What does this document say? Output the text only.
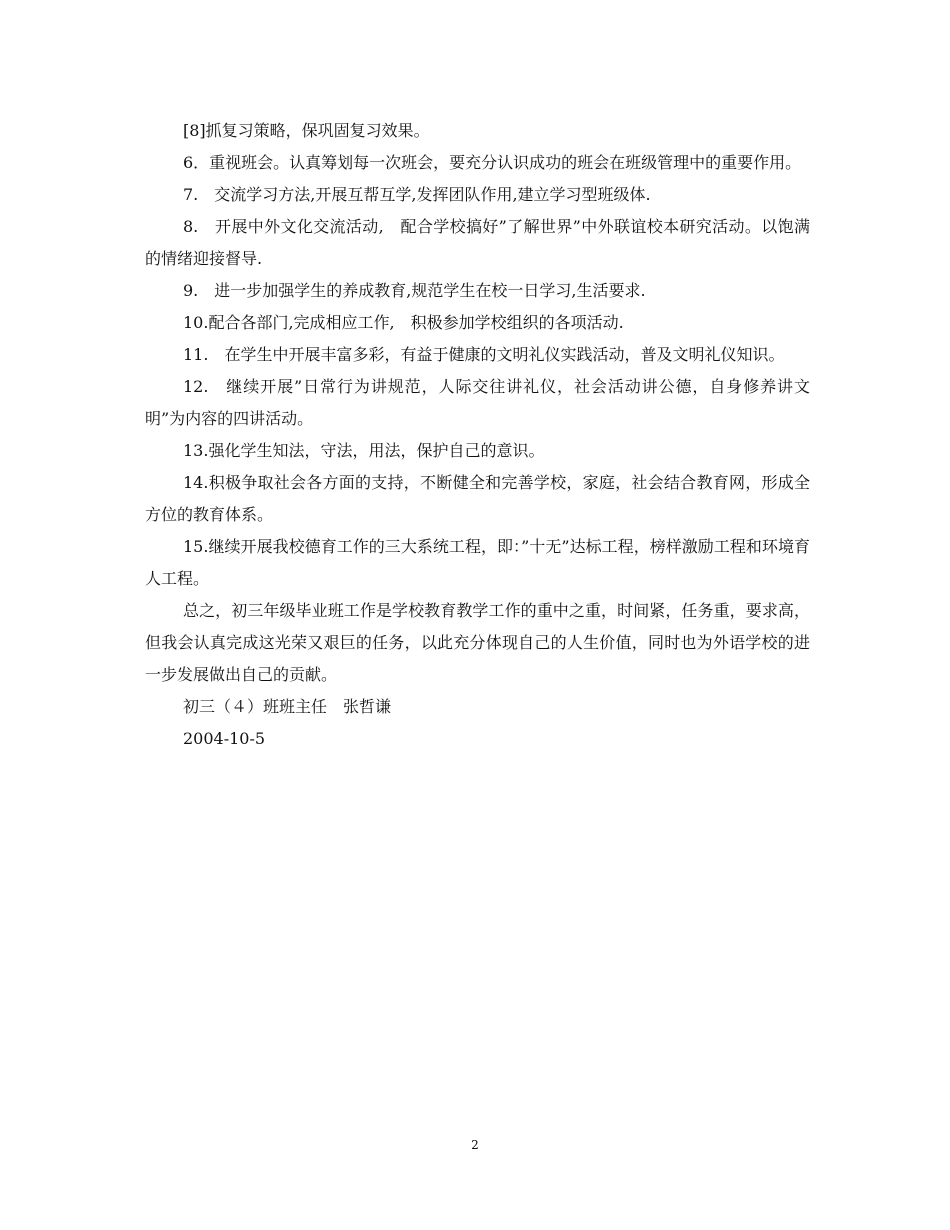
[8]抓复习策略，保巩固复习效果。

6．重视班会。认真筹划每一次班会，要充分认识成功的班会在班级管理中的重要作用。

7.　交流学习方法,开展互帮互学,发挥团队作用,建立学习型班级体.

8.　开展中外文化交流活动,　配合学校搞好”了解世界”中外联谊校本研究活动。以饱满的情绪迎接督导.

9.　进一步加强学生的养成教育,规范学生在校一日学习,生活要求.

10.配合各部门,完成相应工作,　积极参加学校组织的各项活动.

11.　在学生中开展丰富多彩，有益于健康的文明礼仪实践活动，普及文明礼仪知识。

12.　继续开展”日常行为讲规范，人际交往讲礼仪，社会活动讲公德，自身修养讲文明”为内容的四讲活动。

13.强化学生知法，守法，用法，保护自己的意识。

14.积极争取社会各方面的支持，不断健全和完善学校，家庭，社会结合教育网，形成全方位的教育体系。

15.继续开展我校德育工作的三大系统工程，即：”十无”达标工程，榜样激励工程和环境育人工程。

总之，初三年级毕业班工作是学校教育教学工作的重中之重，时间紧，任务重，要求高，但我会认真完成这光荣又艰巨的任务，以此充分体现自己的人生价值，同时也为外语学校的进一步发展做出自己的贡献。

初三（４）班班主任　张哲谦

2004-10-5

2
